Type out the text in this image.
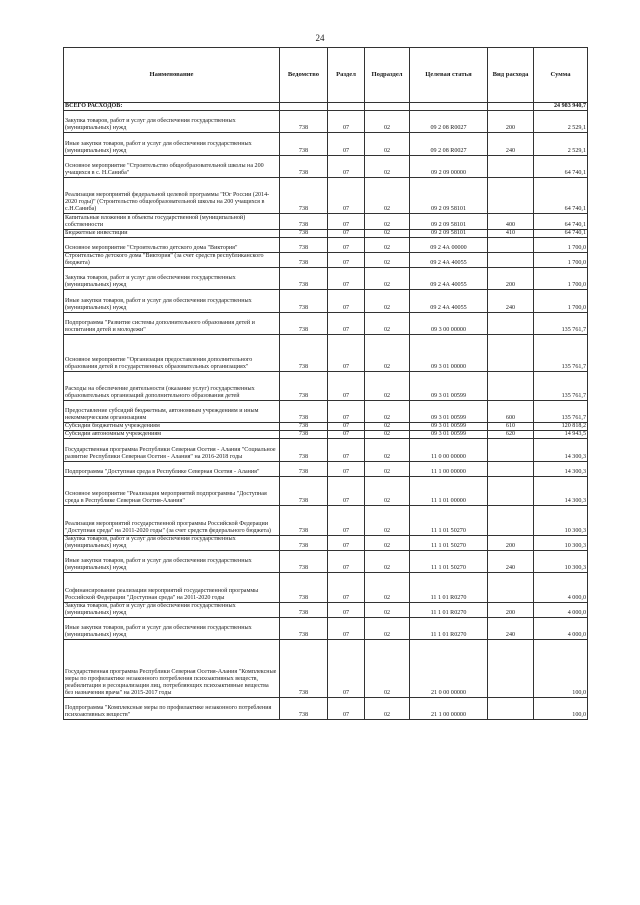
24
Наименование	Ведомство	Раздел	Подраздел	Целевая статья	Вид расхода	Сумма
ВСЕГО РАСХОДОВ:						24 983 940,7
Закупка товаров, работ и услуг для обеспечения государственных (муниципальных) нужд	738	07	02	09 2 08 R0027	200	2 529,1
Иные закупки товаров, работ и услуг для обеспечения государственных (муниципальных) нужд	738	07	02	09 2 08 R0027	240	2 529,1
Основное мероприятие "Строительство общеобразовательной школы на 200 учащихся в с. Н.Саниба"	738	07	02	09 2 09 00000		64 740,1
Реализация мероприятий федеральной целевой программы "Юг России (2014-2020 годы)" (Строительство общеобразовательной школы на 200 учащихся в с.Н.Саниба)	738	07	02	09 2 09 58101		64 740,1
Капитальные вложения в объекты государственной (муниципальной) собственности	738	07	02	09 2 09 58101	400	64 740,1
Бюджетные инвестиции	738	07	02	09 2 09 58101	410	64 740,1
Основное мероприятие "Строительство детского дома "Виктория"	738	07	02	09 2 4А 00000		1 700,0
Строительство детского дома "Виктория" (за счет средств республиканского бюджета)	738	07	02	09 2 4А 40055		1 700,0
Закупка товаров, работ и услуг для обеспечения государственных (муниципальных) нужд	738	07	02	09 2 4А 40055	200	1 700,0
Иные закупки товаров, работ и услуг для обеспечения государственных (муниципальных) нужд	738	07	02	09 2 4А 40055	240	1 700,0
Подпрограмма "Развитие системы дополнительного образования детей и воспитания детей и молодежи"	738	07	02	09 3 00 00000		135 761,7
Основное мероприятие "Организация предоставления дополнительного образования детей в государственных образовательных организациях"	738	07	02	09 3 01 00000		135 761,7
Расходы на обеспечение деятельности (оказание услуг) государственных образовательных организаций дополнительного образования детей	738	07	02	09 3 01 00599		135 761,7
Предоставление субсидий бюджетным, автономным учреждениям и иным некоммерческим организациям	738	07	02	09 3 01 00599	600	135 761,7
Субсидии бюджетным учреждениям	738	07	02	09 3 01 00599	610	120 818,2
Субсидии автономным учреждениям	738	07	02	09 3 01 00599	620	14 943,5
Государственная программа Республики Северная Осетия - Алания "Социальное развитие Республики Северная Осетия - Алания" на 2016-2018 годы	738	07	02	11 0 00 00000		14 300,3
Подпрограмма "Доступная среда в Республике Северная Осетия - Алания"	738	07	02	11 1 00 00000		14 300,3
Основное мероприятие "Реализация мероприятий подпрограммы "Доступная среда в Республике Северная Осетия-Алания"	738	07	02	11 1 01 00000		14 300,3
Реализация мероприятий государственной программы Российской Федерации "Доступная среда" на 2011-2020 годы" (за счет средств федерального бюджета)	738	07	02	11 1 01 50270		10 300,3
Закупка товаров, работ и услуг для обеспечения государственных (муниципальных) нужд	738	07	02	11 1 01 50270	200	10 300,3
Иные закупки товаров, работ и услуг для обеспечения государственных (муниципальных) нужд	738	07	02	11 1 01 50270	240	10 300,3
Софинансирование реализации мероприятий государственной программы Российской Федерации "Доступная среда" на 2011-2020 годы	738	07	02	11 1 01 R0270		4 000,0
Закупка товаров, работ и услуг для обеспечения государственных (муниципальных) нужд	738	07	02	11 1 01 R0270	200	4 000,0
Иные закупки товаров, работ и услуг для обеспечения государственных (муниципальных) нужд	738	07	02	11 1 01 R0270	240	4 000,0
Государственная программа Республики Северная Осетия-Алания "Комплексные меры по профилактике незаконного потребления психоактивных веществ, реабилитация и ресоциализация лиц, потребляющих психоактивные вещества без назначения врача" на 2015-2017 годы	738	07	02	21 0 00 00000		100,0
Подпрограмма "Комплексные меры по профилактике незаконного потребления психоактивных веществ"	738	07	02	21 1 00 00000		100,0
